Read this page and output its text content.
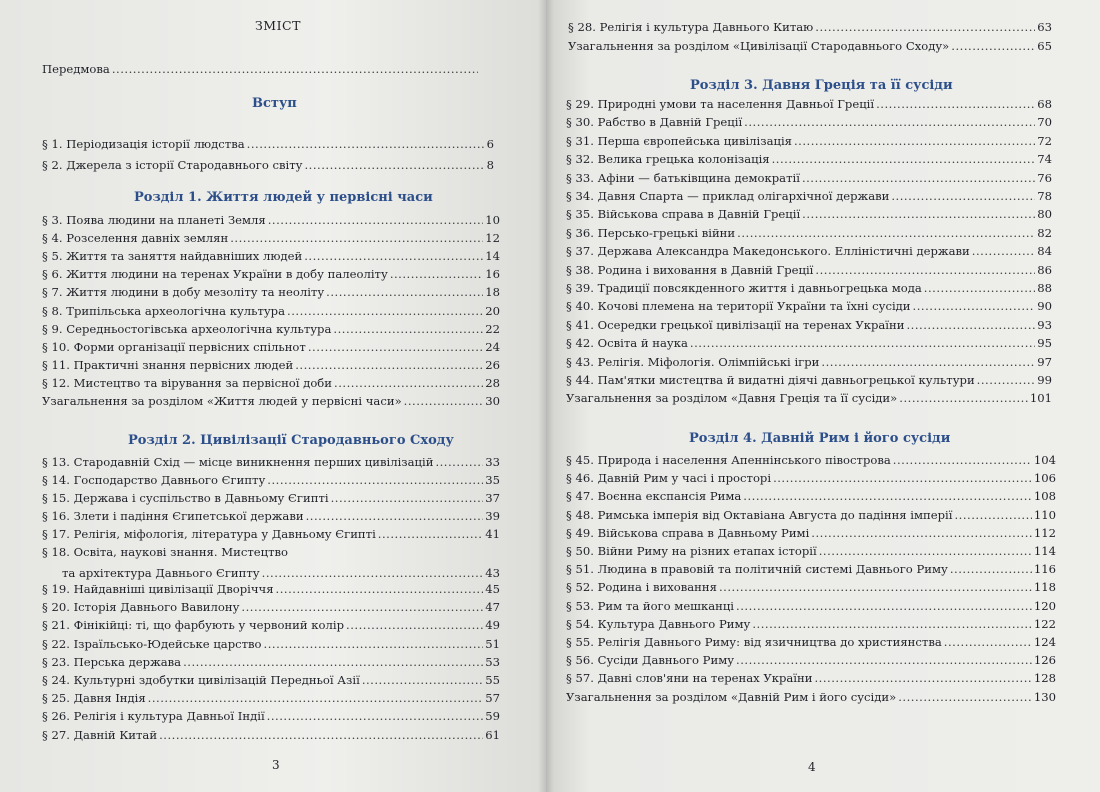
ЗМІСТ
Передмова
.....
Вступ
§ 1. Періодизація історії людства .....	6
§ 2. Джерела з історії Стародавнього світу .....	8
Розділ 1. Життя людей у первісні часи
§ 3. Поява людини на планеті Земля .....	10
§ 4. Розселення давніх землян .....	12
§ 5. Життя та заняття найдавніших людей .....	14
§ 6. Життя людини на теренах України в добу палеоліту .....	16
§ 7. Життя людини в добу мезоліту та неоліту .....	18
§ 8. Трипільська археологічна культура .....	20
§ 9. Середньостогівська археологічна культура .....	22
§ 10. Форми організації первісних спільнот .....	24
§ 11. Практичні знання первісних людей .....	26
§ 12. Мистецтво та вірування за первісної доби .....	28
Узагальнення за розділом «Життя людей у первісні часи» .....	30
Розділ 2. Цивілізації Стародавнього Сходу
§ 13. Стародавній Схід — місце виникнення перших цивілізацій .....	33
§ 14. Господарство Давнього Єгипту .....	35
§ 15. Держава і суспільство в Давньому Єгипті .....	37
§ 16. Злети і падіння Єгипетської держави .....	39
§ 17. Релігія, міфологія, література у Давньому Єгипті .....	41
§ 18. Освіта, наукові знання. Мистецтво
та архітектура Давнього Єгипту .....	43
§ 19. Найдавніші цивілізації Дворіччя .....	45
§ 20. Історія Давнього Вавилону .....	47
§ 21. Фінікійці: ті, що фарбують у червоний колір .....	49
§ 22. Ізраїльсько-Юдейське царство .....	51
§ 23. Перська держава .....	53
§ 24. Культурні здобутки цивілізацій Передньої Азії .....	55
§ 25. Давня Індія .....	57
§ 26. Релігія і культура Давньої Індії .....	59
§ 27. Давній Китай .....	61
3
§ 28. Релігія і культура Давнього Китаю .....	63
Узагальнення за розділом «Цивілізації Стародавнього Сходу» .....	65
Розділ 3. Давня Греція та її сусіди
§ 29. Природні умови та населення Давньої Греції .....	68
§ 30. Рабство в Давній Греції .....	70
§ 31. Перша європейська цивілізація .....	72
§ 32. Велика грецька колонізація .....	74
§ 33. Афіни — батьківщина демократії .....	76
§ 34. Давня Спарта — приклад олігархічної держави .....	78
§ 35. Військова справа в Давній Греції .....	80
§ 36. Персько-грецькі війни .....	82
§ 37. Держава Александра Македонського. Елліністичні держави .....	84
§ 38. Родина і виховання в Давній Греції .....	86
§ 39. Традиції повсякденного життя і давньогрецька мода .....	88
§ 40. Кочові племена на території України та їхні сусіди .....	90
§ 41. Осередки грецької цивілізації на теренах України .....	93
§ 42. Освіта й наука .....	95
§ 43. Релігія. Міфологія. Олімпійські ігри .....	97
§ 44. Пам'ятки мистецтва й видатні діячі давньогрецької культури .....	99
Узагальнення за розділом «Давня Греція та її сусіди» .....	101
Розділ 4. Давній Рим і його сусіди
§ 45. Природа і населення Апеннінського півострова .....	104
§ 46. Давній Рим у часі і просторі .....	106
§ 47. Воєнна експансія Рима .....	108
§ 48. Римська імперія від Октавіана Августа до падіння імперії .....	110
§ 49. Військова справа в Давньому Римі .....	112
§ 50. Війни Риму на різних етапах історії .....	114
§ 51. Людина в правовій та політичній системі Давнього Риму .....	116
§ 52. Родина і виховання .....	118
§ 53. Рим та його мешканці .....	120
§ 54. Культура Давнього Риму .....	122
§ 55. Релігія Давнього Риму: від язичництва до християнства .....	124
§ 56. Сусіди Давнього Риму .....	126
§ 57. Давні слов'яни на теренах України .....	128
Узагальнення за розділом «Давній Рим і його сусіди» .....	130
4
